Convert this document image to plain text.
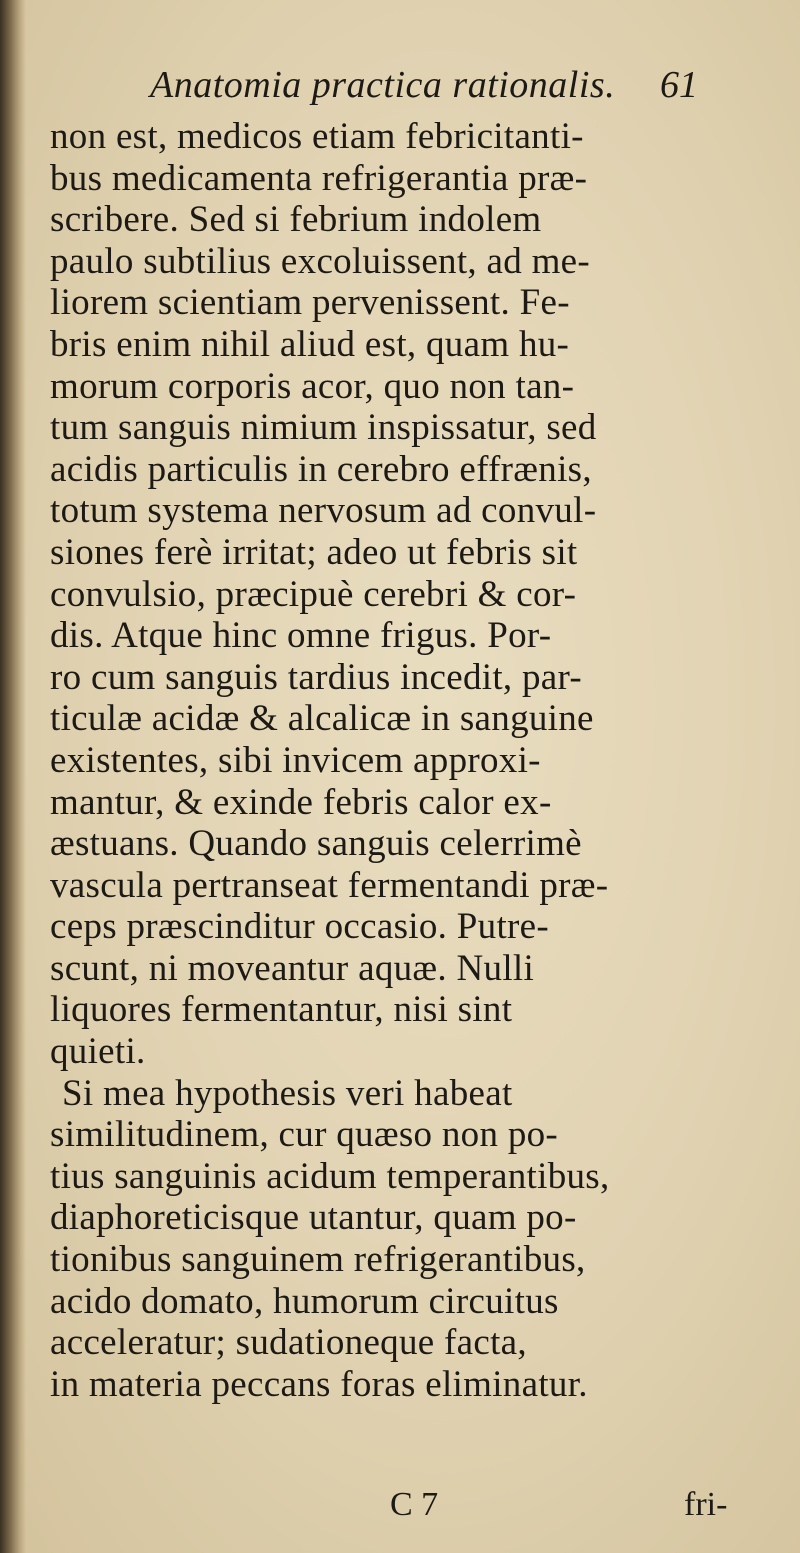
Anatomia practica rationalis. 61
non est, medicos etiam febricitanti-
bus medicamenta refrigerantia præ-
scribere. Sed si febrium indolem
paulo subtilius excoluissent, ad me-
liorem scientiam pervenissent. Fe-
bris enim nihil aliud est, quam hu-
morum corporis acor, quo non tan-
tum sanguis nimium inspissatur, sed
acidis particulis in cerebro effrænis,
totum systema nervosum ad convul-
siones ferè irritat; adeo ut febris sit
convulsio, præcipuè cerebri & cor-
dis. Atque hinc omne frigus. Por-
ro cum sanguis tardius incedit, par-
ticulæ acidæ & alcalicæ in sanguine
existentes, sibi invicem approxi-
mantur, & exinde febris calor ex-
æstuans. Quando sanguis celerrimè
vascula pertranseat fermentandi præ-
ceps præscinditur occasio. Putre-
scunt, ni moveantur aquæ. Nulli
liquores fermentantur, nisi sint
quieti.
Si mea hypothesis veri habeat
similitudinem, cur quæso non po-
tius sanguinis acidum temperantibus,
diaphoreticisque utantur, quam po-
tionibus sanguinem refrigerantibus,
acido domato, humorum circuitus
acceleratur; sudationeque facta,
in materia peccans foras eliminatur.
C 7	fri-
